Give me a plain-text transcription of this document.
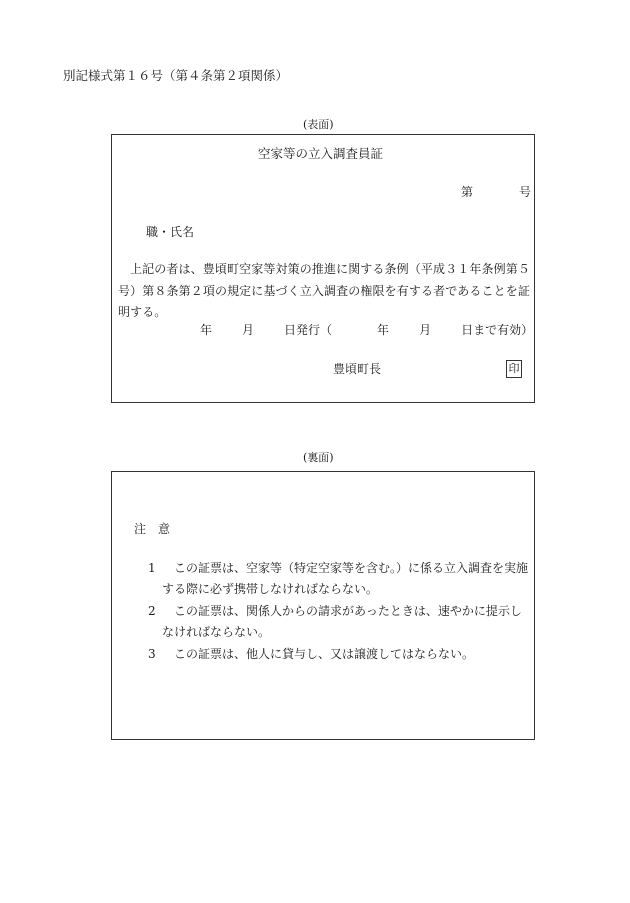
別記様式第１６号（第４条第２項関係）
(表面)
空家等の立入調査員証
第	号
職・氏名
上記の者は、豊頃町空家等対策の推進に関する条例（平成３１年条例第５号）第８条第２項の規定に基づく立入調査の権限を有する者であることを証明する。
年	月	日発行（	年	月	日まで有効）
豊頃町長	印
(裏面)
注　意
1	この証票は、空家等（特定空家等を含む。）に係る立入調査を実施する際に必ず携帯しなければならない。
2	この証票は、関係人からの請求があったときは、速やかに提示しなければならない。
3	この証票は、他人に貸与し、又は譲渡してはならない。
